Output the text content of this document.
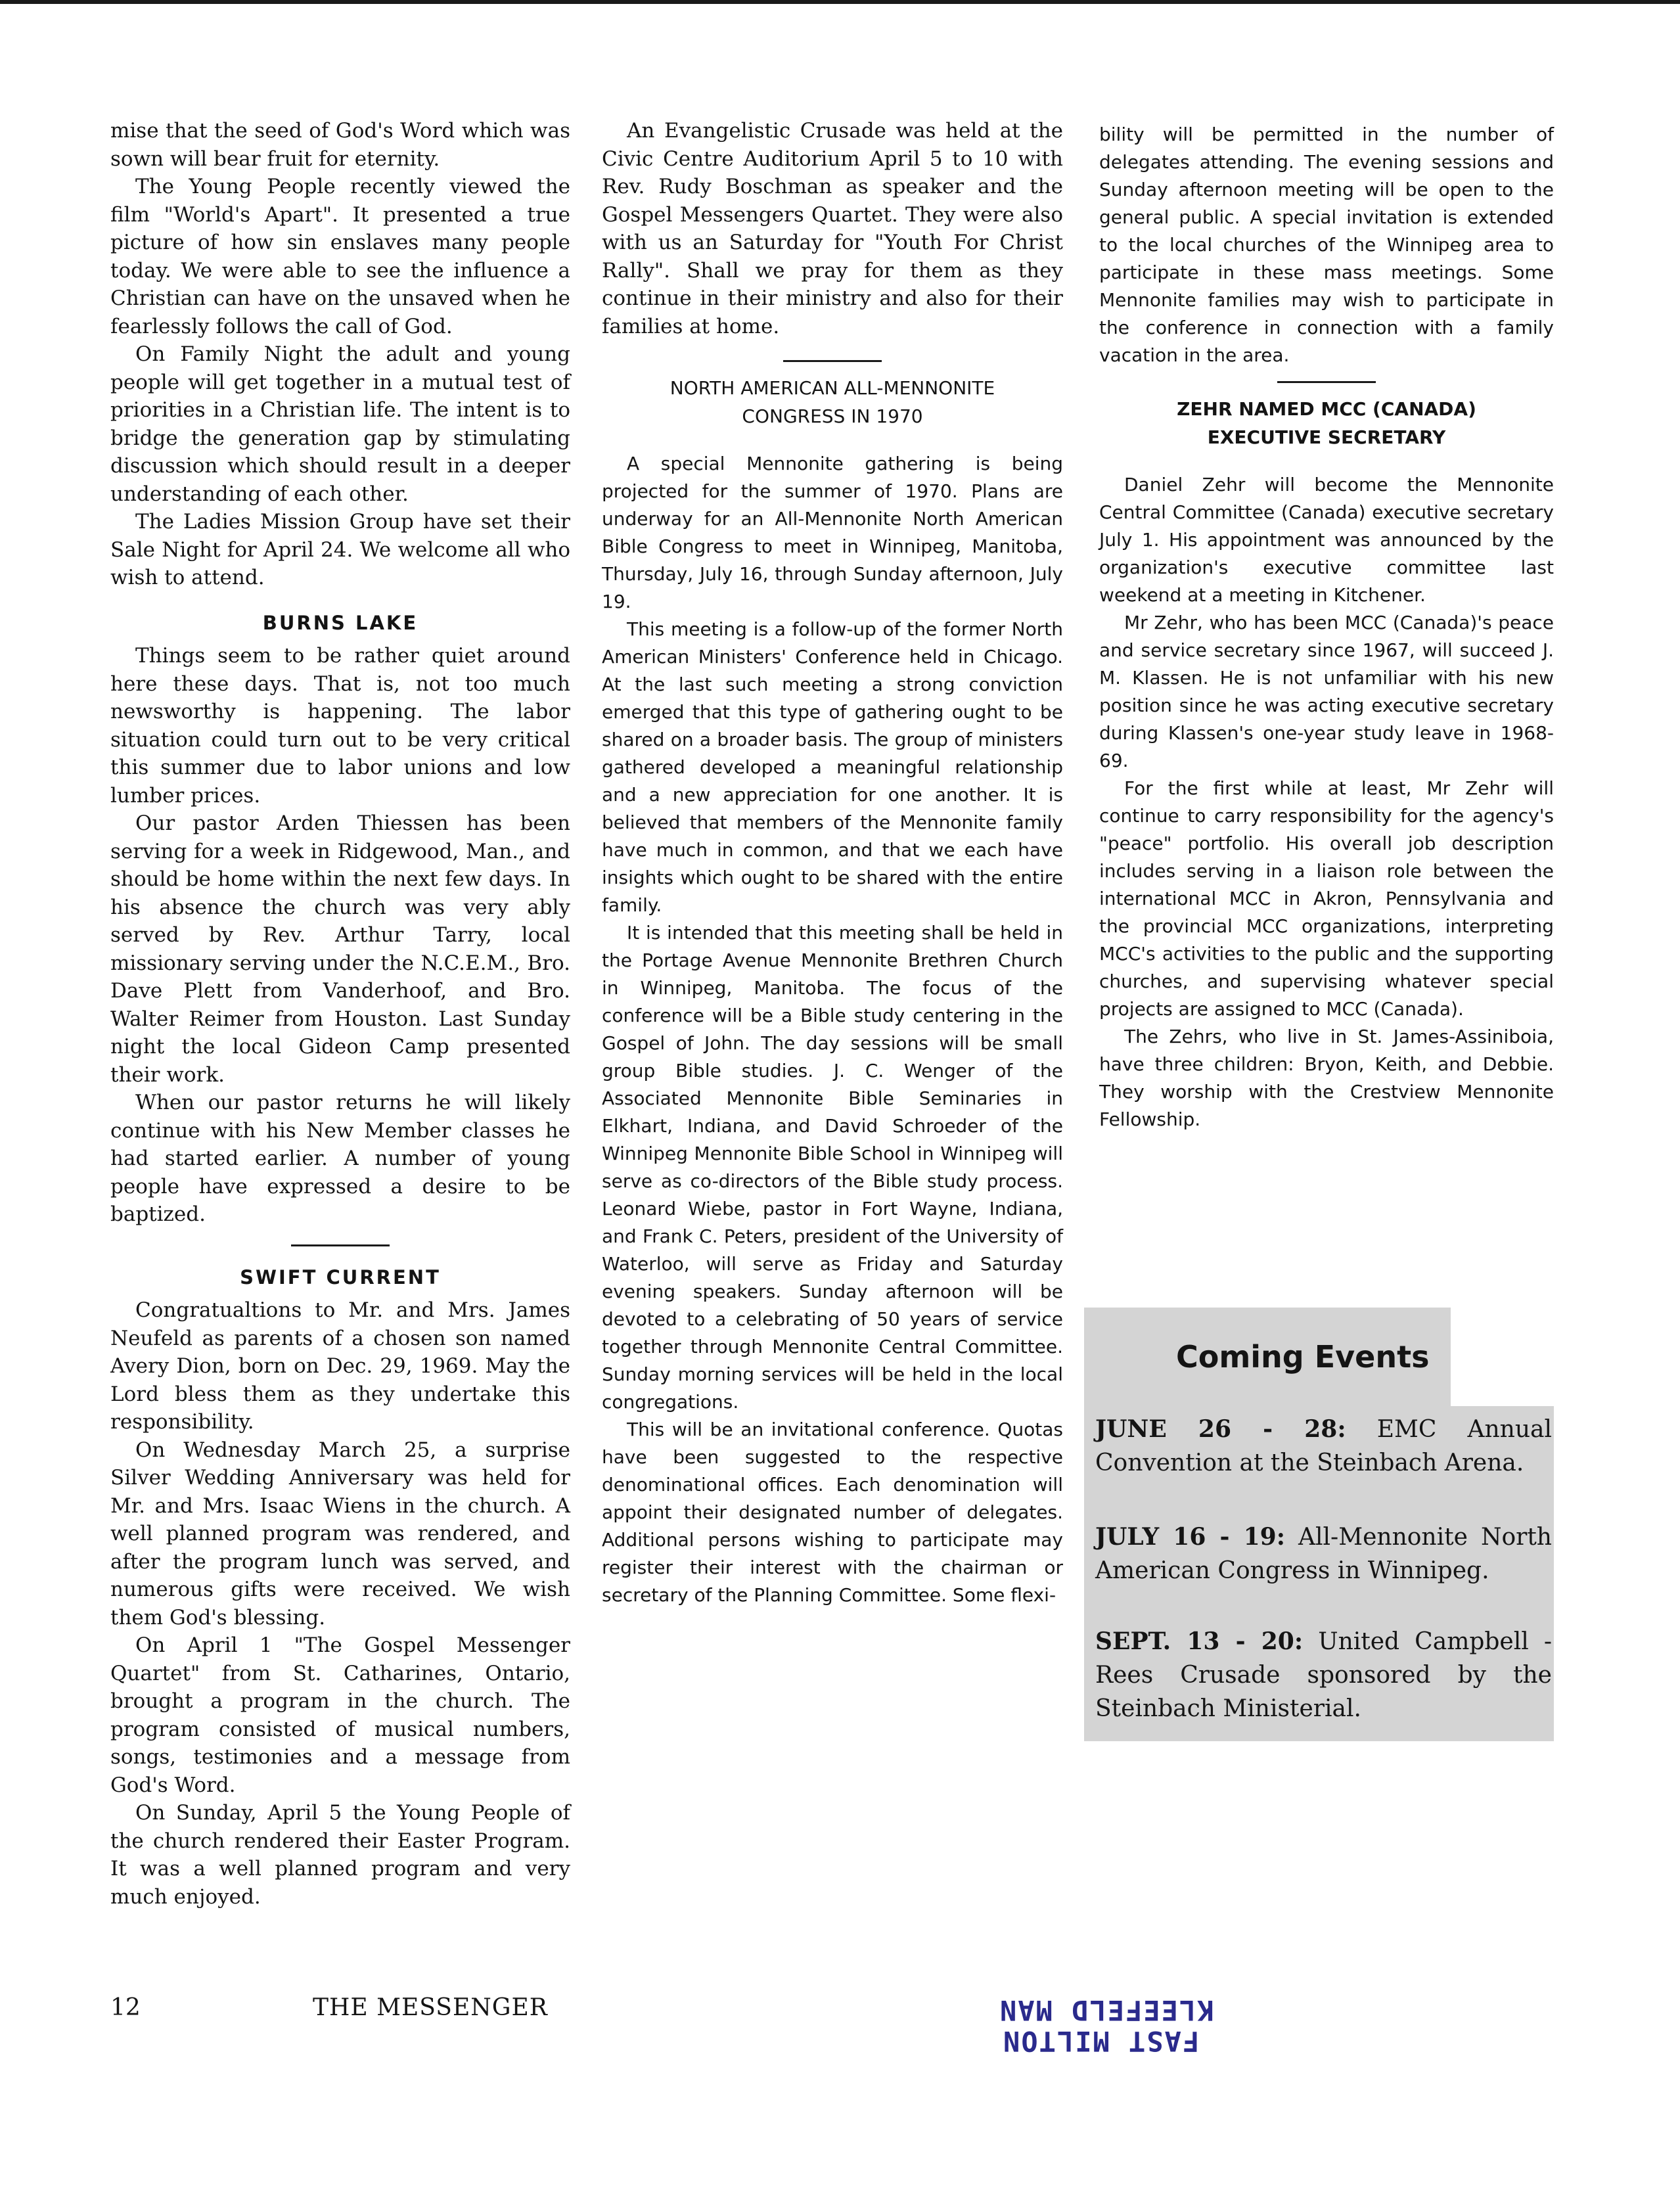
mise that the seed of God's Word which was sown will bear fruit for eternity.

The Young People recently viewed the film "World's Apart". It presented a true picture of how sin enslaves many people today. We were able to see the influence a Christian can have on the unsaved when he fearlessly follows the call of God.

On Family Night the adult and young people will get together in a mutual test of priorities in a Christian life. The intent is to bridge the generation gap by stimulating discussion which should result in a deeper understanding of each other.

The Ladies Mission Group have set their Sale Night for April 24. We welcome all who wish to attend.

BURNS LAKE

Things seem to be rather quiet around here these days. That is, not too much newsworthy is happening. The labor situation could turn out to be very critical this summer due to labor unions and low lumber prices.

Our pastor Arden Thiessen has been serving for a week in Ridgewood, Man., and should be home within the next few days. In his absence the church was very ably served by Rev. Arthur Tarry, local missionary serving under the N.C.E.M., Bro. Dave Plett from Vanderhoof, and Bro. Walter Reimer from Houston. Last Sunday night the local Gideon Camp presented their work.

When our pastor returns he will likely continue with his New Member classes he had started earlier. A number of young people have expressed a desire to be baptized.

SWIFT CURRENT

Congratualtions to Mr. and Mrs. James Neufeld as parents of a chosen son named Avery Dion, born on Dec. 29, 1969. May the Lord bless them as they undertake this responsibility.

On Wednesday March 25, a surprise Silver Wedding Anniversary was held for Mr. and Mrs. Isaac Wiens in the church. A well planned program was rendered, and after the program lunch was served, and numerous gifts were received. We wish them God's blessing.

On April 1 "The Gospel Messenger Quartet" from St. Catharines, Ontario, brought a program in the church. The program consisted of musical numbers, songs, testimonies and a message from God's Word.

On Sunday, April 5 the Young People of the church rendered their Easter Program. It was a well planned program and very much enjoyed.

An Evangelistic Crusade was held at the Civic Centre Auditorium April 5 to 10 with Rev. Rudy Boschman as speaker and the Gospel Messengers Quartet. They were also with us an Saturday for "Youth For Christ Rally". Shall we pray for them as they continue in their ministry and also for their families at home.

NORTH AMERICAN ALL-MENNONITE
CONGRESS IN 1970

A special Mennonite gathering is being projected for the summer of 1970. Plans are underway for an All-Mennonite North American Bible Congress to meet in Winnipeg, Manitoba, Thursday, July 16, through Sunday afternoon, July 19.

This meeting is a follow-up of the former North American Ministers' Conference held in Chicago. At the last such meeting a strong conviction emerged that this type of gathering ought to be shared on a broader basis. The group of ministers gathered developed a meaningful relationship and a new appreciation for one another. It is believed that members of the Mennonite family have much in common, and that we each have insights which ought to be shared with the entire family.

It is intended that this meeting shall be held in the Portage Avenue Mennonite Brethren Church in Winnipeg, Manitoba. The focus of the conference will be a Bible study centering in the Gospel of John. The day sessions will be small group Bible studies. J. C. Wenger of the Associated Mennonite Bible Seminaries in Elkhart, Indiana, and David Schroeder of the Winnipeg Mennonite Bible School in Winnipeg will serve as co-directors of the Bible study process. Leonard Wiebe, pastor in Fort Wayne, Indiana, and Frank C. Peters, president of the University of Waterloo, will serve as Friday and Saturday evening speakers. Sunday afternoon will be devoted to a celebrating of 50 years of service together through Mennonite Central Committee. Sunday morning services will be held in the local congregations.

This will be an invitational conference. Quotas have been suggested to the respective denominational offices. Each denomination will appoint their designated number of delegates. Additional persons wishing to participate may register their interest with the chairman or secretary of the Planning Committee. Some flexi-

bility will be permitted in the number of delegates attending. The evening sessions and Sunday afternoon meeting will be open to the general public. A special invitation is extended to the local churches of the Winnipeg area to participate in these mass meetings. Some Mennonite families may wish to participate in the conference in connection with a family vacation in the area.

ZEHR NAMED MCC (CANADA)
EXECUTIVE SECRETARY

Daniel Zehr will become the Mennonite Central Committee (Canada) executive secretary July 1. His appointment was announced by the organization's executive committee last weekend at a meeting in Kitchener.

Mr Zehr, who has been MCC (Canada)'s peace and service secretary since 1967, will succeed J. M. Klassen. He is not unfamiliar with his new position since he was acting executive secretary during Klassen's one-year study leave in 1968-69.

For the first while at least, Mr Zehr will continue to carry responsibility for the agency's "peace" portfolio. His overall job description includes serving in a liaison role between the international MCC in Akron, Pennsylvania and the provincial MCC organizations, interpreting MCC's activities to the public and the supporting churches, and supervising whatever special projects are assigned to MCC (Canada).

The Zehrs, who live in St. James-Assiniboia, have three children: Bryon, Keith, and Debbie. They worship with the Crestview Mennonite Fellowship.

Coming Events
JUNE 26 - 28: EMC Annual Convention at the Steinbach Arena.
JULY 16 - 19: All-Mennonite North American Congress in Winnipeg.
SEPT. 13 - 20: United Campbell - Rees Crusade sponsored by the Steinbach Ministerial.
12	THE MESSENGER	KLEEFELD MAN
FAST MILTON
